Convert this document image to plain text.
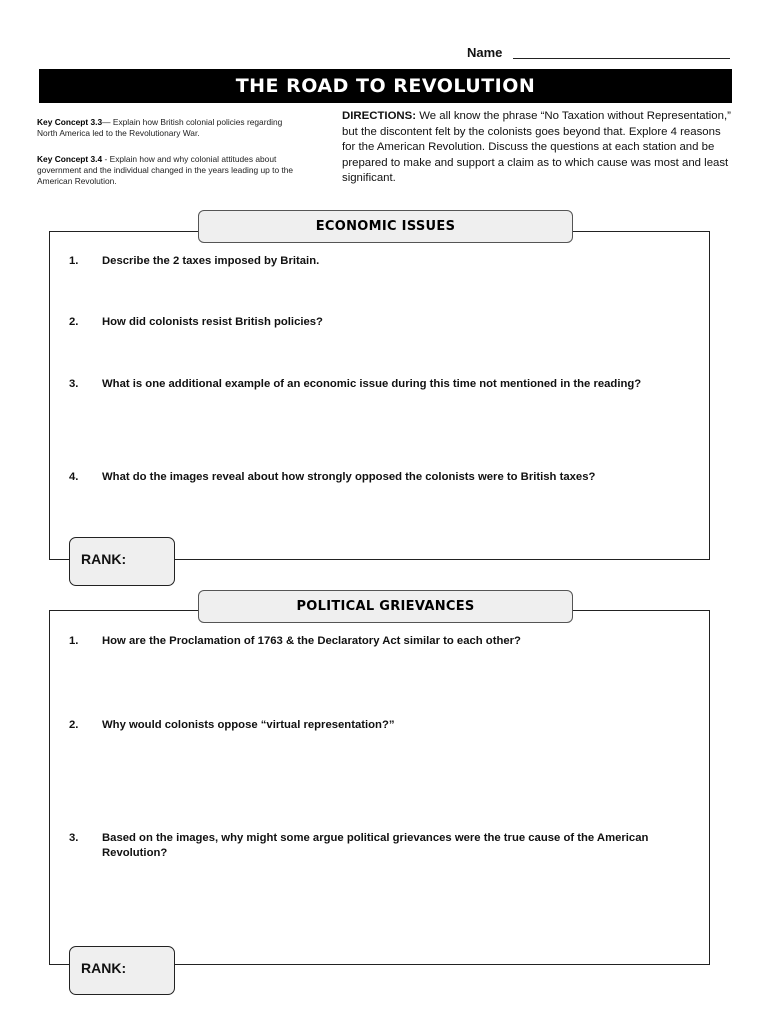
Name
THE ROAD TO REVOLUTION
Key Concept 3.3— Explain how British colonial policies regarding North America led to the Revolutionary War.
Key Concept 3.4 - Explain how and why colonial attitudes about government and the individual changed in the years leading up to the American Revolution.
DIRECTIONS: We all know the phrase “No Taxation without Representation,” but the discontent felt by the colonists goes beyond that. Explore 4 reasons for the American Revolution. Discuss the questions at each station and be prepared to make and support a claim as to which cause was most and least significant.
ECONOMIC ISSUES
1. Describe the 2 taxes imposed by Britain.
2. How did colonists resist British policies?
3. What is one additional example of an economic issue during this time not mentioned in the reading?
4. What do the images reveal about how strongly opposed the colonists were to British taxes?
RANK:
POLITICAL GRIEVANCES
1. How are the Proclamation of 1763 & the Declaratory Act similar to each other?
2. Why would colonists oppose “virtual representation?”
3. Based on the images, why might some argue political grievances were the true cause of the American Revolution?
RANK:
